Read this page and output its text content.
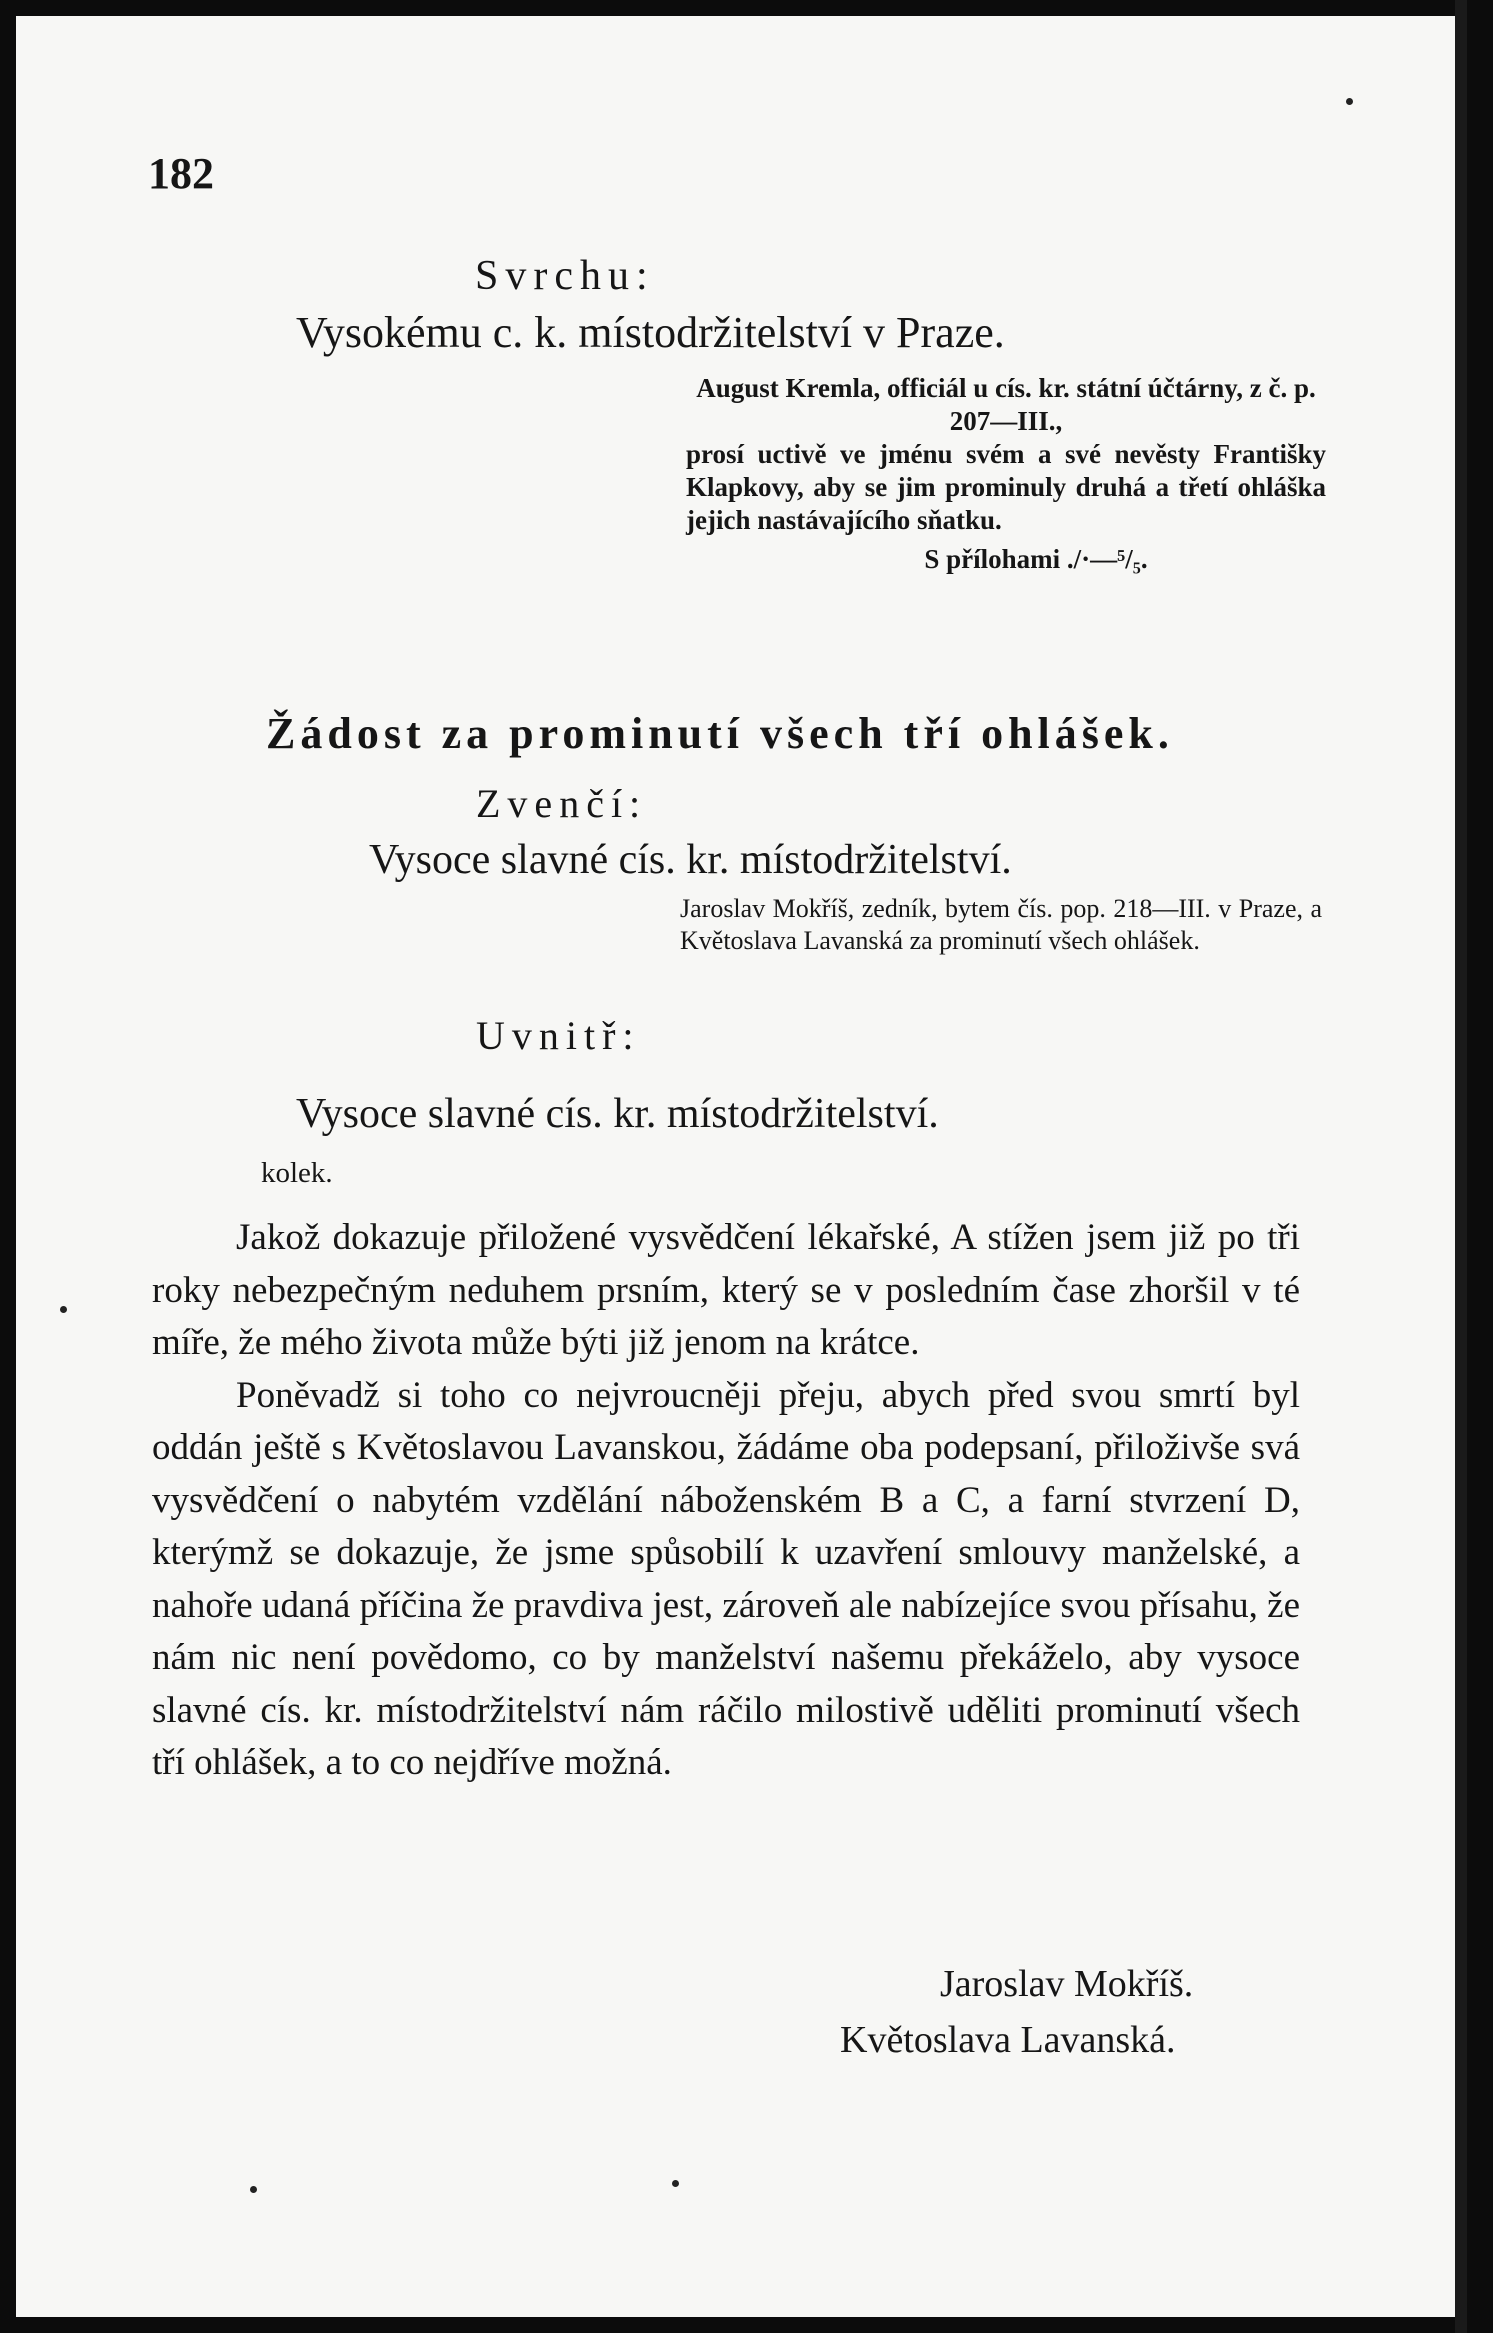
182
Svrchu:
Vysokému c. k. místodržitelství v Praze.
August Kremla, officiál u cís. kr. státní účtárny, z č. p. 207—III.,
prosí uctivě ve jménu svém a své nevěsty Františky Klapkovy, aby se jim prominuly druhá a třetí ohláška jejich nastávajícího sňatku.
S přílohami ./·—⁵/₅.
Žádost za prominutí všech tří ohlášek.
Zvenčí:
Vysoce slavné cís. kr. místodržitelství.
Jaroslav Mokříš, zedník, bytem čís. pop. 218—III. v Praze, a Květoslava Lavanská za prominutí všech ohlášek.
Uvnitř:
Vysoce slavné cís. kr. místodržitelství.
kolek.

Jakož dokazuje přiložené vysvědčení lékařské, A stížen jsem již po tři roky nebezpečným neduhem prsním, který se v posledním čase zhoršil v té míře, že mého života může býti již jenom na krátce.

Poněvadž si toho co nejvroucněji přeju, abych před svou smrtí byl oddán ještě s Květoslavou Lavanskou, žádáme oba podepsaní, přiloživše svá vysvědčení o nabytém vzdělání náboženském B a C, a farní stvrzení D, kterýmž se dokazuje, že jsme spůsobilí k uzavření smlouvy manželské, a nahoře udaná příčina že pravdiva jest, zároveň ale nabízejíce svou přísahu, že nám nic není povědomo, co by manželství našemu překáželo, aby vysoce slavné cís. kr. místodržitelství nám ráčilo milostivě uděliti prominutí všech tří ohlášek, a to co nejdříve možná.

Jaroslav Mokříš.
Květoslava Lavanská.
